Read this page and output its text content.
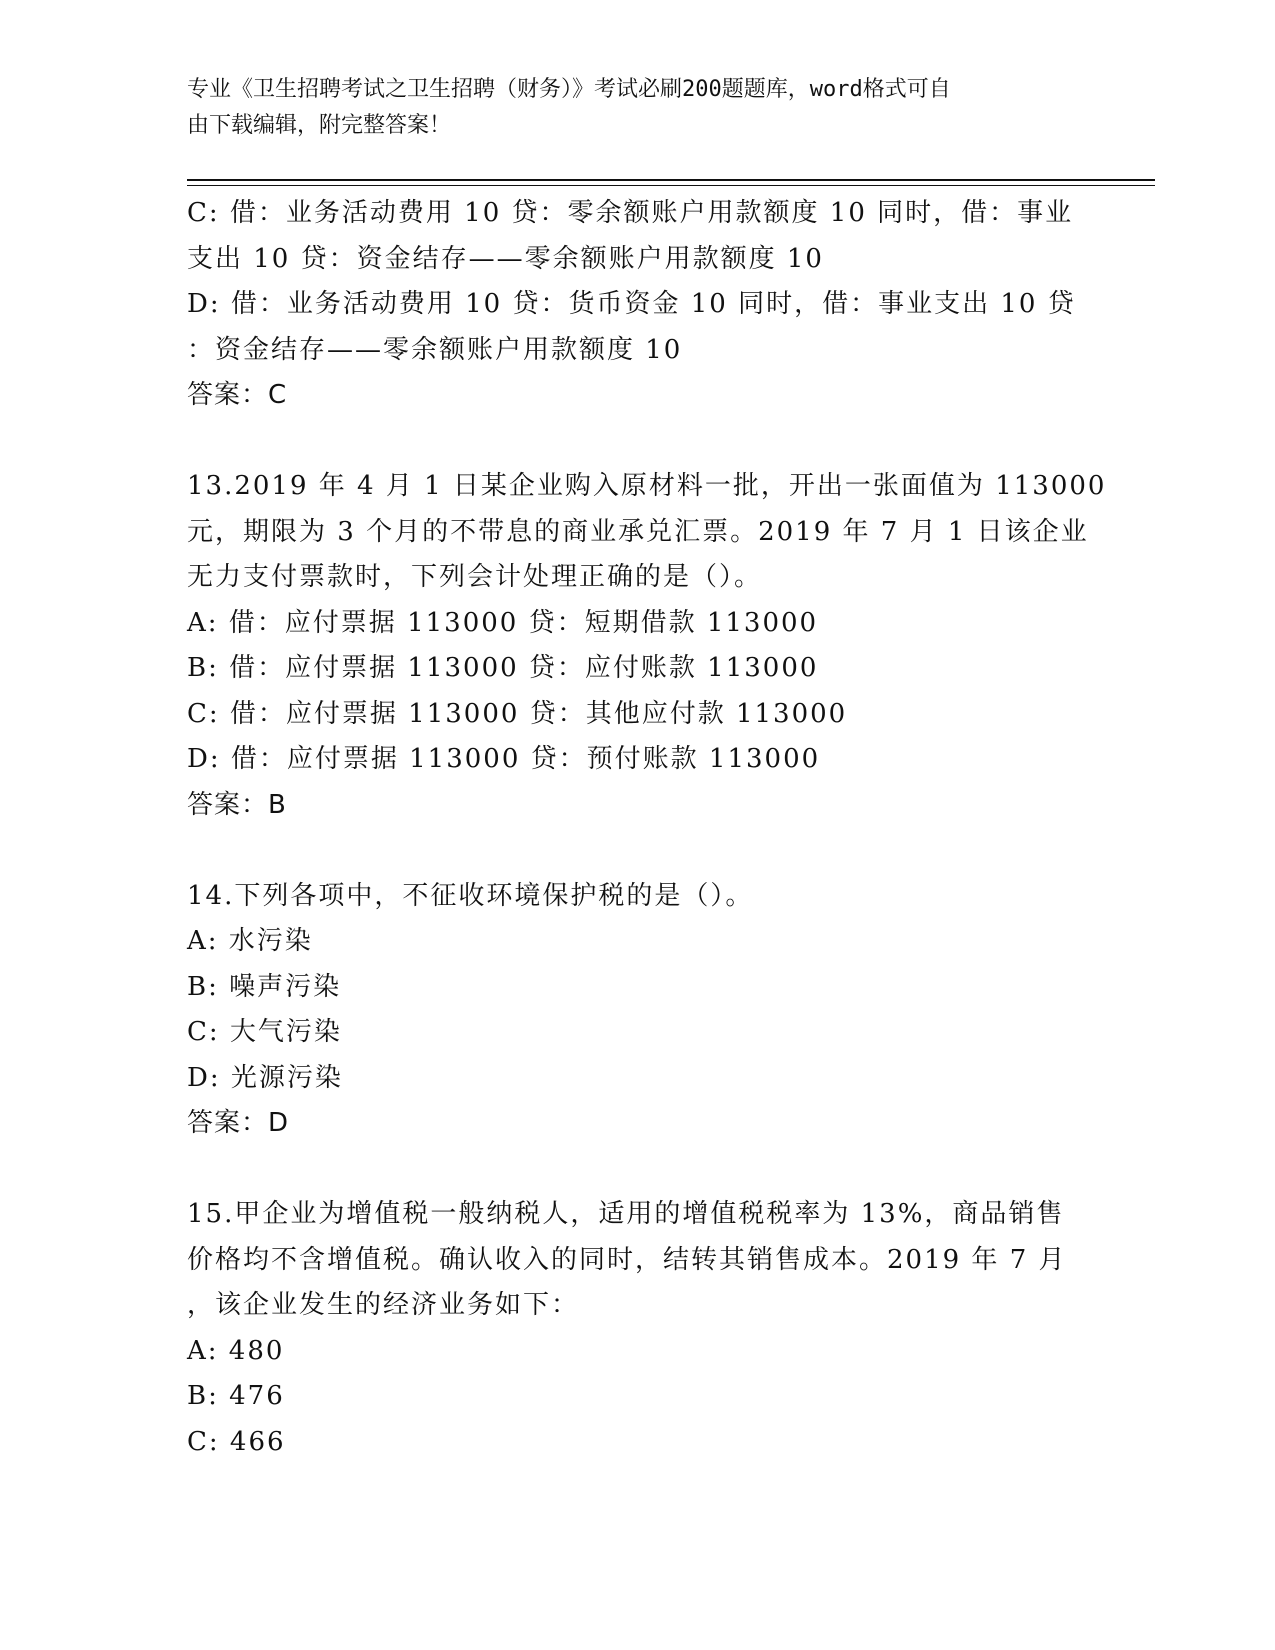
专业《卫生招聘考试之卫生招聘（财务）》考试必刷200题题库，word格式可自
由下载编辑，附完整答案！
C: 借：业务活动费用 10 贷：零余额账户用款额度 10 同时，借：事业
支出 10 贷：资金结存——零余额账户用款额度 10
D: 借：业务活动费用 10 贷：货币资金 10 同时，借：事业支出 10 贷
：资金结存——零余额账户用款额度 10
答案：C
13.2019 年 4 月 1 日某企业购入原材料一批，开出一张面值为 113000
元，期限为 3 个月的不带息的商业承兑汇票。2019 年 7 月 1 日该企业
无力支付票款时，下列会计处理正确的是（）。
A: 借：应付票据 113000 贷：短期借款 113000
B: 借：应付票据 113000 贷：应付账款 113000
C: 借：应付票据 113000 贷：其他应付款 113000
D: 借：应付票据 113000 贷：预付账款 113000
答案：B
14.下列各项中，不征收环境保护税的是（）。
A: 水污染
B: 噪声污染
C: 大气污染
D: 光源污染
答案：D
15.甲企业为增值税一般纳税人，适用的增值税税率为 13%，商品销售
价格均不含增值税。确认收入的同时，结转其销售成本。2019 年 7 月
，该企业发生的经济业务如下：
A: 480
B: 476
C: 466
